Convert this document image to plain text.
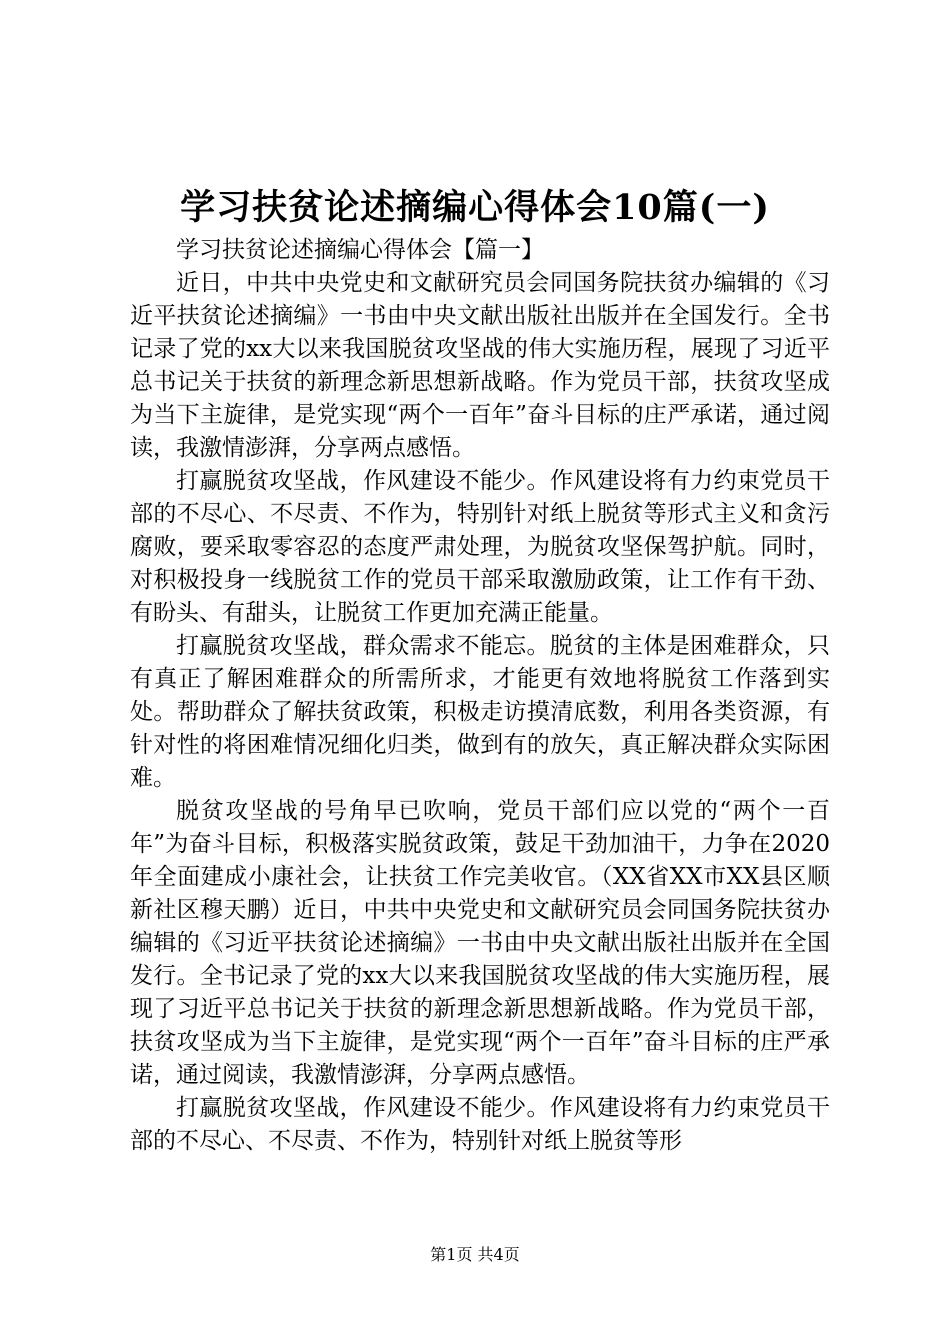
学习扶贫论述摘编心得体会10篇(一)

学习扶贫论述摘编心得体会【篇一】

近日，中共中央党史和文献研究员会同国务院扶贫办编辑的《习近平扶贫论述摘编》一书由中央文献出版社出版并在全国发行。全书记录了党的xx大以来我国脱贫攻坚战的伟大实施历程，展现了习近平总书记关于扶贫的新理念新思想新战略。作为党员干部，扶贫攻坚成为当下主旋律，是党实现“两个一百年”奋斗目标的庄严承诺，通过阅读，我激情澎湃，分享两点感悟。

打赢脱贫攻坚战，作风建设不能少。作风建设将有力约束党员干部的不尽心、不尽责、不作为，特别针对纸上脱贫等形式主义和贪污腐败，要采取零容忍的态度严肃处理，为脱贫攻坚保驾护航。同时，对积极投身一线脱贫工作的党员干部采取激励政策，让工作有干劲、有盼头、有甜头，让脱贫工作更加充满正能量。

打赢脱贫攻坚战，群众需求不能忘。脱贫的主体是困难群众，只有真正了解困难群众的所需所求，才能更有效地将脱贫工作落到实处。帮助群众了解扶贫政策，积极走访摸清底数，利用各类资源，有针对性的将困难情况细化归类，做到有的放矢，真正解决群众实际困难。

脱贫攻坚战的号角早已吹响，党员干部们应以党的“两个一百年”为奋斗目标，积极落实脱贫政策，鼓足干劲加油干，力争在2020年全面建成小康社会，让扶贫工作完美收官。（XX省XX市XX县区顺新社区穆天鹏）近日，中共中央党史和文献研究员会同国务院扶贫办编辑的《习近平扶贫论述摘编》一书由中央文献出版社出版并在全国发行。全书记录了党的xx大以来我国脱贫攻坚战的伟大实施历程，展现了习近平总书记关于扶贫的新理念新思想新战略。作为党员干部，扶贫攻坚成为当下主旋律，是党实现“两个一百年”奋斗目标的庄严承诺，通过阅读，我激情澎湃，分享两点感悟。

打赢脱贫攻坚战，作风建设不能少。作风建设将有力约束党员干部的不尽心、不尽责、不作为，特别针对纸上脱贫等形

第1页 共4页
